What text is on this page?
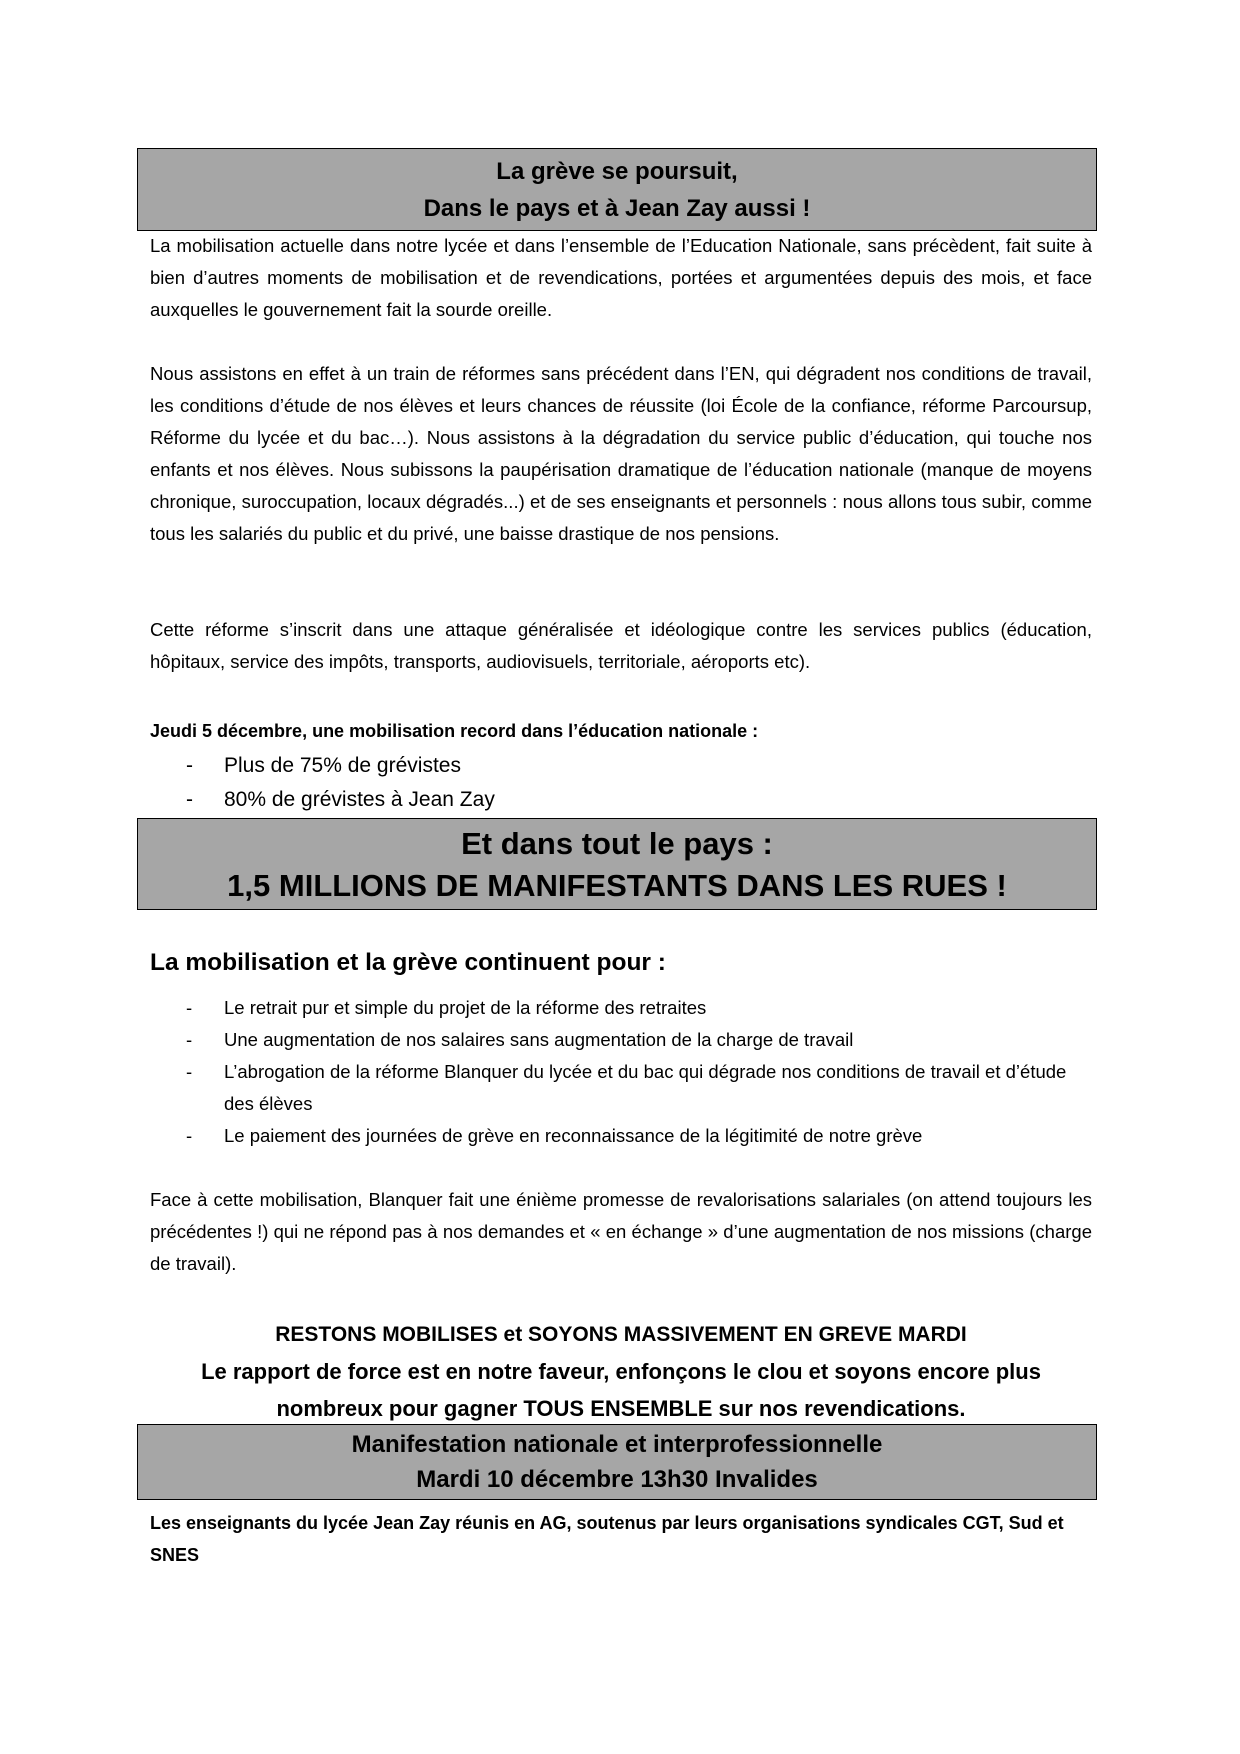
La grève se poursuit,
Dans le pays et à Jean Zay aussi !

La mobilisation actuelle dans notre lycée et dans l’ensemble de l’Education Nationale, sans précèdent, fait suite à bien d’autres moments de mobilisation et de revendications, portées et argumentées depuis des mois, et face auxquelles le gouvernement fait la sourde oreille.

Nous assistons en effet à un train de réformes sans précédent dans l’EN, qui dégradent nos conditions de travail, les conditions d’étude de nos élèves et leurs chances de réussite (loi École de la confiance, réforme Parcoursup, Réforme du lycée et du bac…). Nous assistons à la dégradation du service public d’éducation, qui touche nos enfants et nos élèves. Nous subissons la paupérisation dramatique de l’éducation nationale (manque de moyens chronique, suroccupation, locaux dégradés...) et de ses enseignants et personnels : nous allons tous subir, comme tous les salariés du public et du privé, une baisse drastique de nos pensions.

Cette réforme s’inscrit dans une attaque généralisée et idéologique contre les services publics (éducation, hôpitaux, service des impôts, transports, audiovisuels, territoriale, aéroports etc).

Jeudi 5 décembre, une mobilisation record dans l’éducation nationale :

- Plus de 75% de grévistes
- 80% de grévistes à Jean Zay
Et dans tout le pays :
1,5 MILLIONS DE MANIFESTANTS DANS LES RUES !

La mobilisation et la grève continuent pour :

- Le retrait pur et simple du projet de la réforme des retraites
- Une augmentation de nos salaires sans augmentation de la charge de travail
- L’abrogation de la réforme Blanquer du lycée et du bac qui dégrade nos conditions de travail et d’étude des élèves
- Le paiement des journées de grève en reconnaissance de la légitimité de notre grève

Face à cette mobilisation, Blanquer fait une énième promesse de revalorisations salariales (on attend toujours les précédentes !) qui ne répond pas à nos demandes et « en échange » d’une augmentation de nos missions (charge de travail).

RESTONS MOBILISES et SOYONS MASSIVEMENT EN GREVE MARDI

Le rapport de force est en notre faveur, enfonçons le clou et soyons encore plus

nombreux pour gagner TOUS ENSEMBLE sur nos revendications.

Manifestation nationale et interprofessionnelle
Mardi 10 décembre 13h30 Invalides

Les enseignants du lycée Jean Zay réunis en AG, soutenus par leurs organisations syndicales CGT, Sud et SNES
